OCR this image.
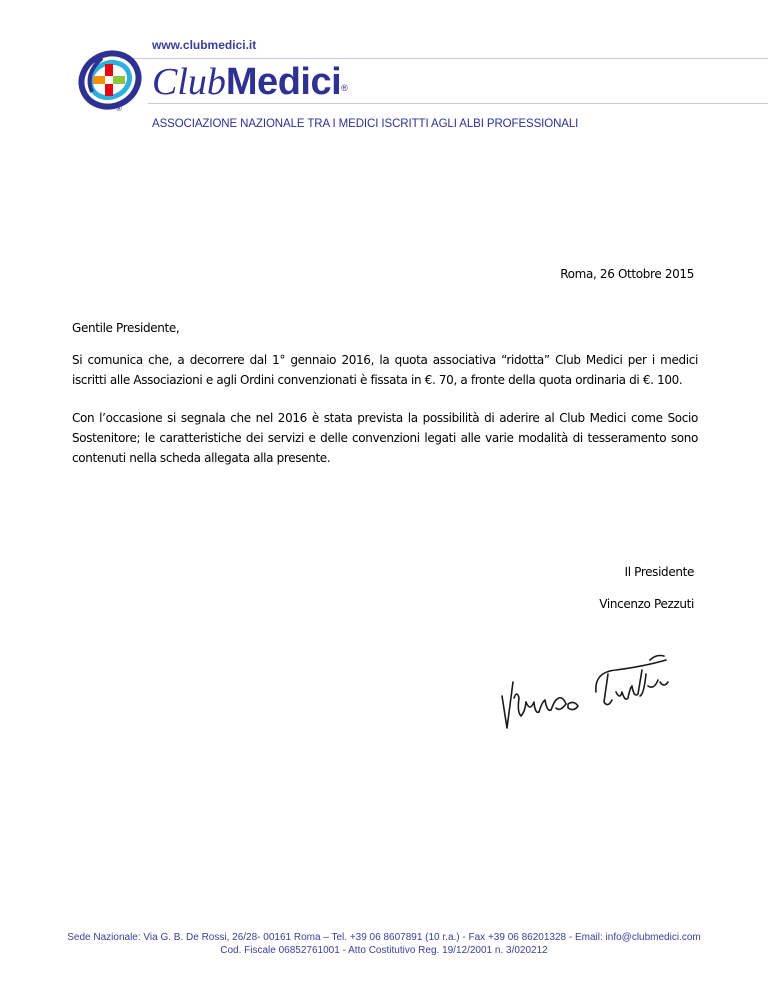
www.clubmedici.it
®
ClubMedici®
ASSOCIAZIONE NAZIONALE TRA I MEDICI ISCRITTI AGLI ALBI PROFESSIONALI
Roma, 26 Ottobre 2015
Gentile Presidente,
Si comunica che, a decorrere dal 1° gennaio 2016, la quota associativa “ridotta” Club Medici per i medici iscritti alle Associazioni e agli Ordini convenzionati è fissata in €. 70, a fronte della quota ordinaria di €. 100.
Con l’occasione si segnala che nel 2016 è stata prevista la possibilità di aderire al Club Medici come Socio Sostenitore; le caratteristiche dei servizi e delle convenzioni legati alle varie modalità di tesseramento sono contenuti nella scheda allegata alla presente.
Il Presidente
Vincenzo Pezzuti
Sede Nazionale: Via G. B. De Rossi, 26/28- 00161 Roma – Tel. +39 06 8607891 (10 r.a.) - Fax +39 06 86201328 - Email: info@clubmedici.com
Cod. Fiscale 06852761001 - Atto Costitutivo Reg. 19/12/2001 n. 3/020212
